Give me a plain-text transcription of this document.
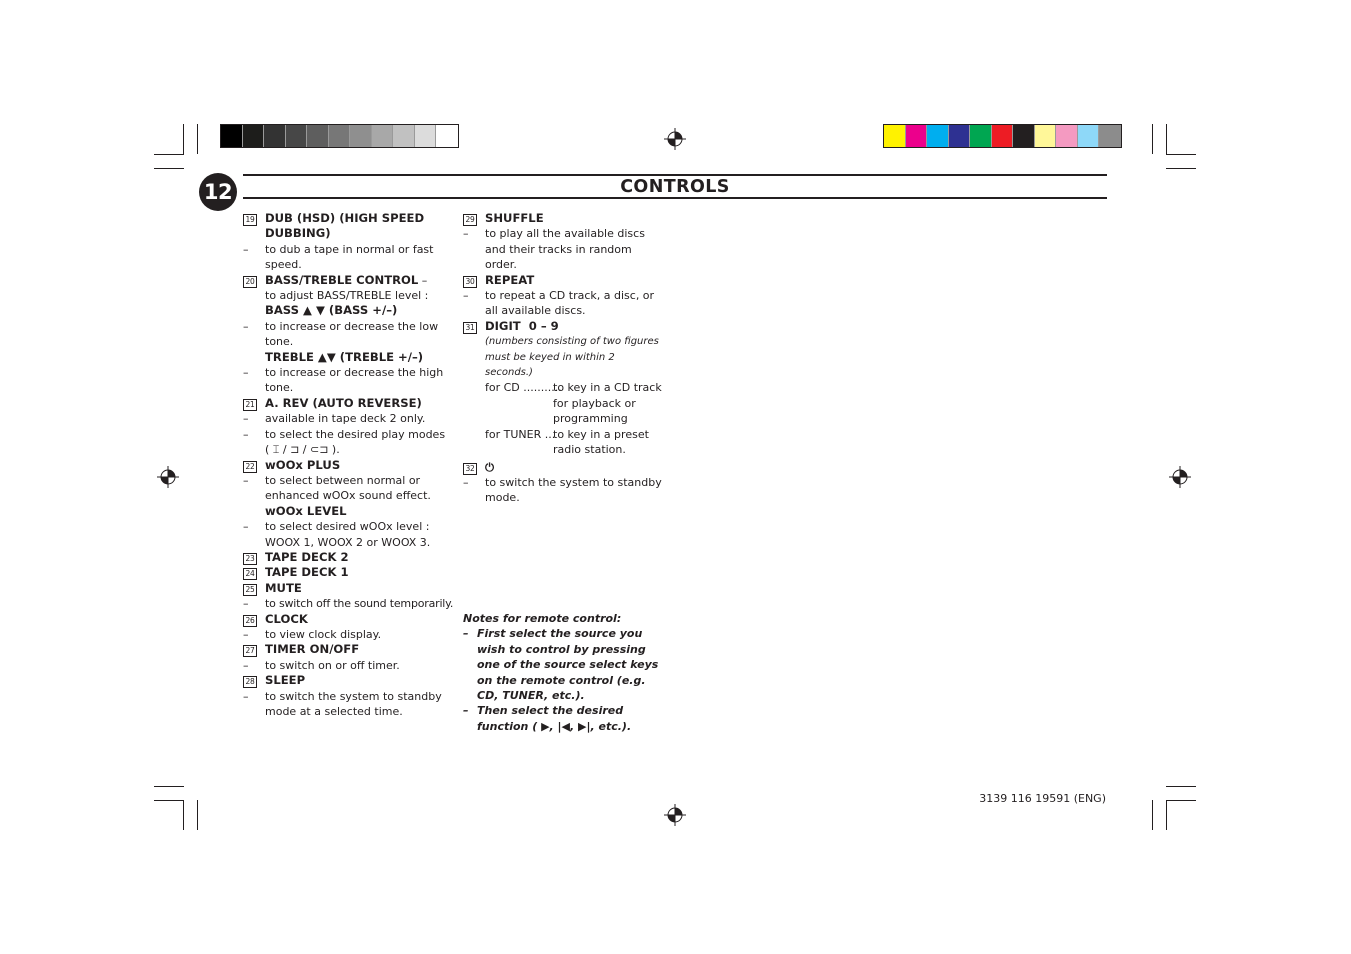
12	CONTROLS
19 DUB (HSD) (HIGH SPEED DUBBING)
– to dub a tape in normal or fast speed.
20 BASS/TREBLE CONTROL –
to adjust BASS/TREBLE level :
BASS ▲ ▼ (BASS +/–)
– to increase or decrease the low tone.
TREBLE ▲▼ (TREBLE +/–)
– to increase or decrease the high tone.
21 A. REV (AUTO REVERSE)
– available in tape deck 2 only.
– to select the desired play modes
( ⌶ / ⊐ / ⊂⊐ ).
22 wOOx PLUS
– to select between normal or enhanced wOOx sound effect.
wOOx LEVEL
– to select desired wOOx level : WOOX 1, WOOX 2 or WOOX 3.
23 TAPE DECK 2
24 TAPE DECK 1
25 MUTE
– to switch off the sound temporarily.
26 CLOCK
– to view clock display.
27 TIMER ON/OFF
– to switch on or off timer.
28 SLEEP
– to switch the system to standby mode at a selected time.
29 SHUFFLE
– to play all the available discs and their tracks in random order.
30 REPEAT
– to repeat a CD track, a disc, or all available discs.
31 DIGIT  0 – 9
(numbers consisting of two figures must be keyed in within 2 seconds.)
for CD ...........
to key in a CD track for playback or programming
for TUNER ...
to key in a preset radio station.
32 ⏻
– to switch the system to standby mode.
Notes for remote control:
– First select the source you wish to control by pressing one of the source select keys on the remote control (e.g. CD, TUNER, etc.).
– Then select the desired function ( ▶, |◀, ▶|, etc.).
3139 116 19591 (ENG)
